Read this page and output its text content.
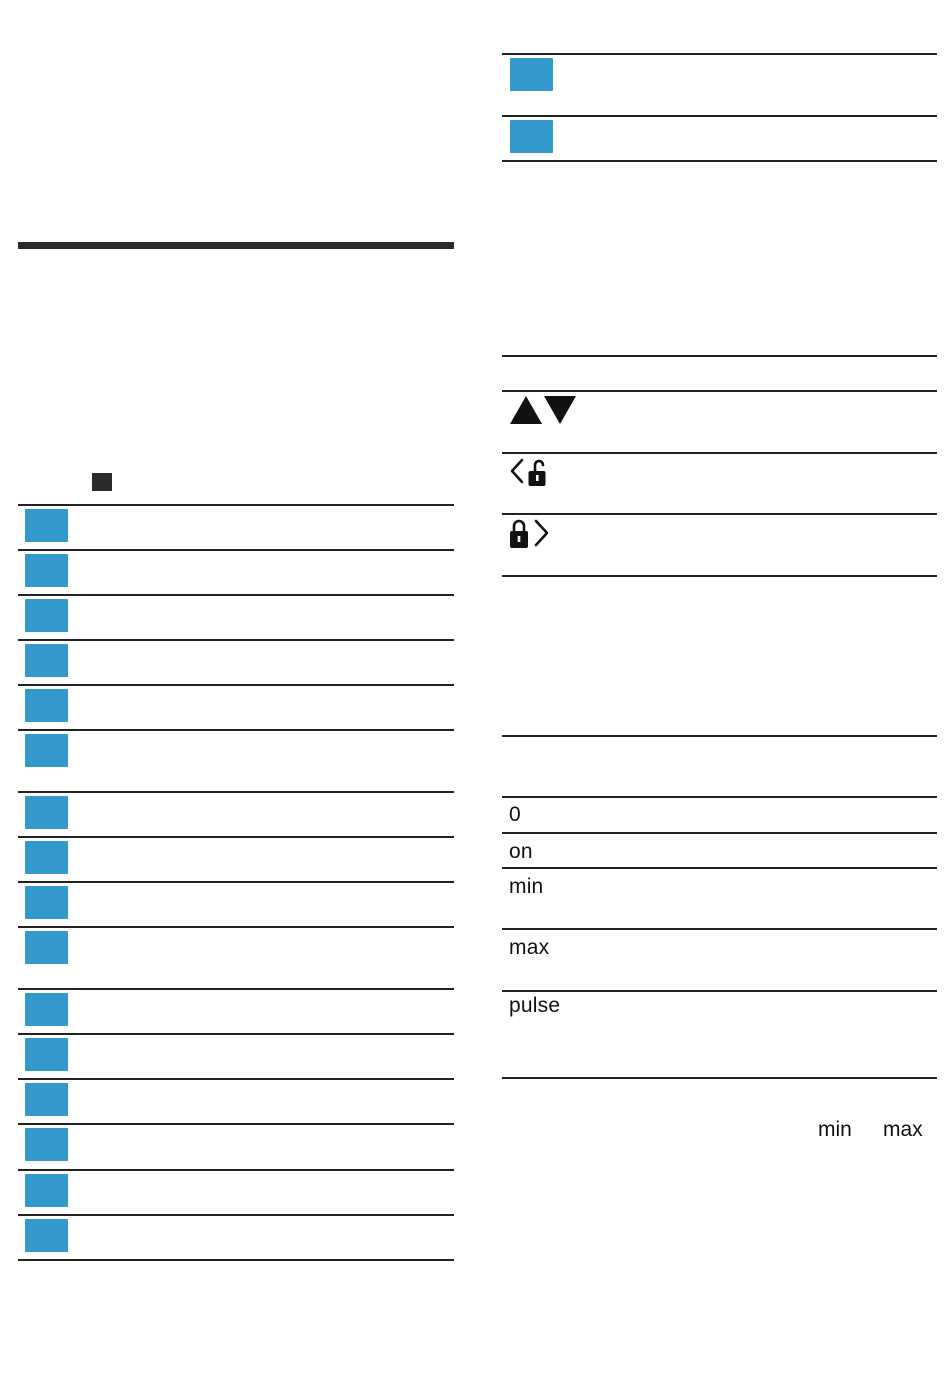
0
on
min
max
pulse
min max
